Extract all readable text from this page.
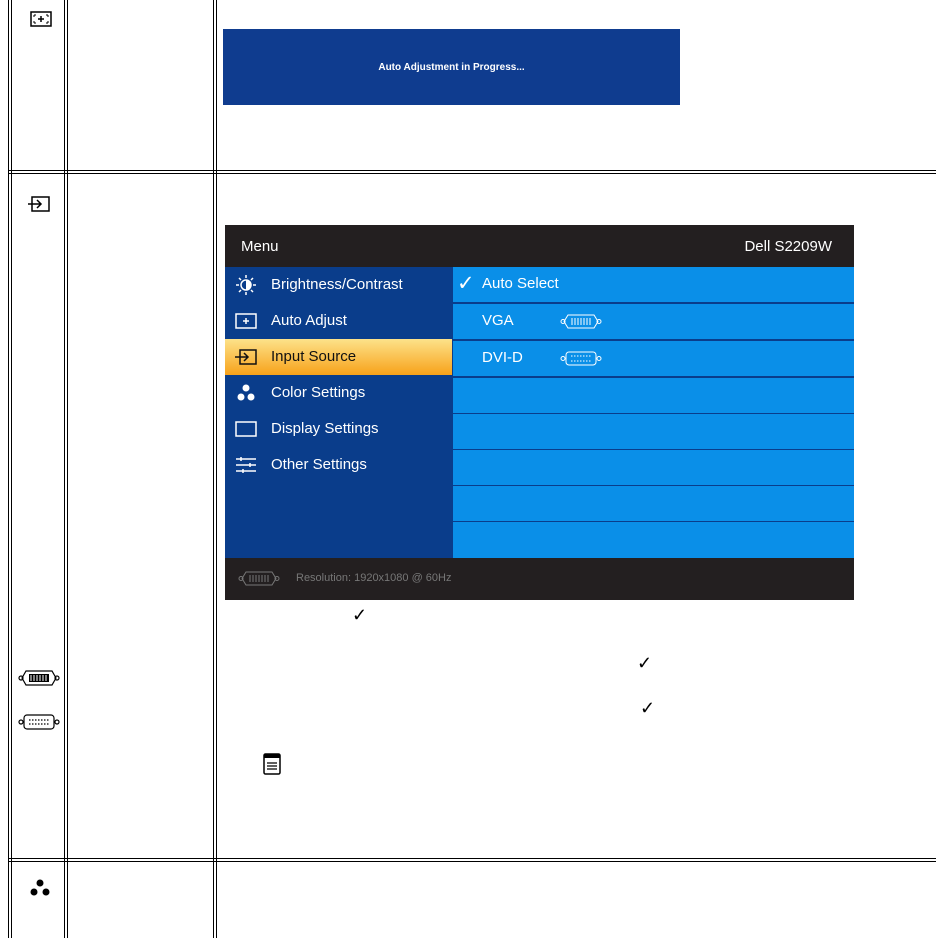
Auto Adjustment in Progress...
Menu	Dell S2209W
Brightness/Contrast
Auto Adjust
Input Source
Color Settings
Display Settings
Other Settings
✓ Auto Select
VGA
DVI-D
Resolution: 1920x1080 @ 60Hz
✓
✓
✓
